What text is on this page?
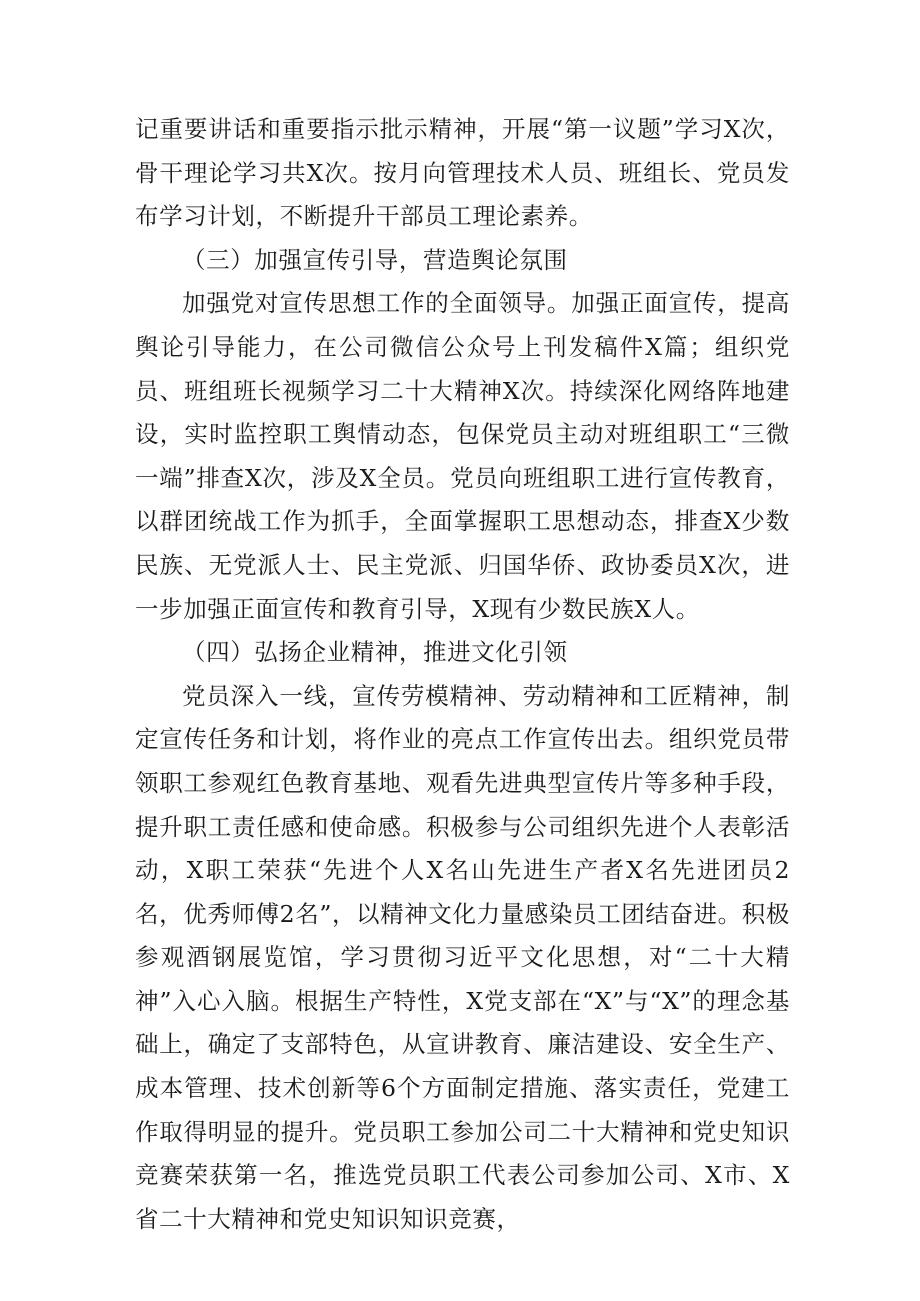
记重要讲话和重要指示批示精神，开展“第一议题”学习X次，骨干理论学习共X次。按月向管理技术人员、班组长、党员发布学习计划，不断提升干部员工理论素养。

（三）加强宣传引导，营造舆论氛围

加强党对宣传思想工作的全面领导。加强正面宣传，提高舆论引导能力，在公司微信公众号上刊发稿件X篇；组织党员、班组班长视频学习二十大精神X次。持续深化网络阵地建设，实时监控职工舆情动态，包保党员主动对班组职工“三微一端”排查X次，涉及X全员。党员向班组职工进行宣传教育，以群团统战工作为抓手，全面掌握职工思想动态，排查X少数民族、无党派人士、民主党派、归国华侨、政协委员X次，进一步加强正面宣传和教育引导，X现有少数民族X人。

（四）弘扬企业精神，推进文化引领

党员深入一线，宣传劳模精神、劳动精神和工匠精神，制定宣传任务和计划，将作业的亮点工作宣传出去。组织党员带领职工参观红色教育基地、观看先进典型宣传片等多种手段，提升职工责任感和使命感。积极参与公司组织先进个人表彰活动，X职工荣获“先进个人X名山先进生产者X名先进团员2名，优秀师傅2名”，以精神文化力量感染员工团结奋进。积极参观酒钢展览馆，学习贯彻习近平文化思想，对“二十大精神”入心入脑。根据生产特性，X党支部在“X”与“X”的理念基础上，确定了支部特色，从宣讲教育、廉洁建设、安全生产、成本管理、技术创新等6个方面制定措施、落实责任，党建工作取得明显的提升。党员职工参加公司二十大精神和党史知识竞赛荣获第一名，推选党员职工代表公司参加公司、X市、X省二十大精神和党史知识知识竞赛，
